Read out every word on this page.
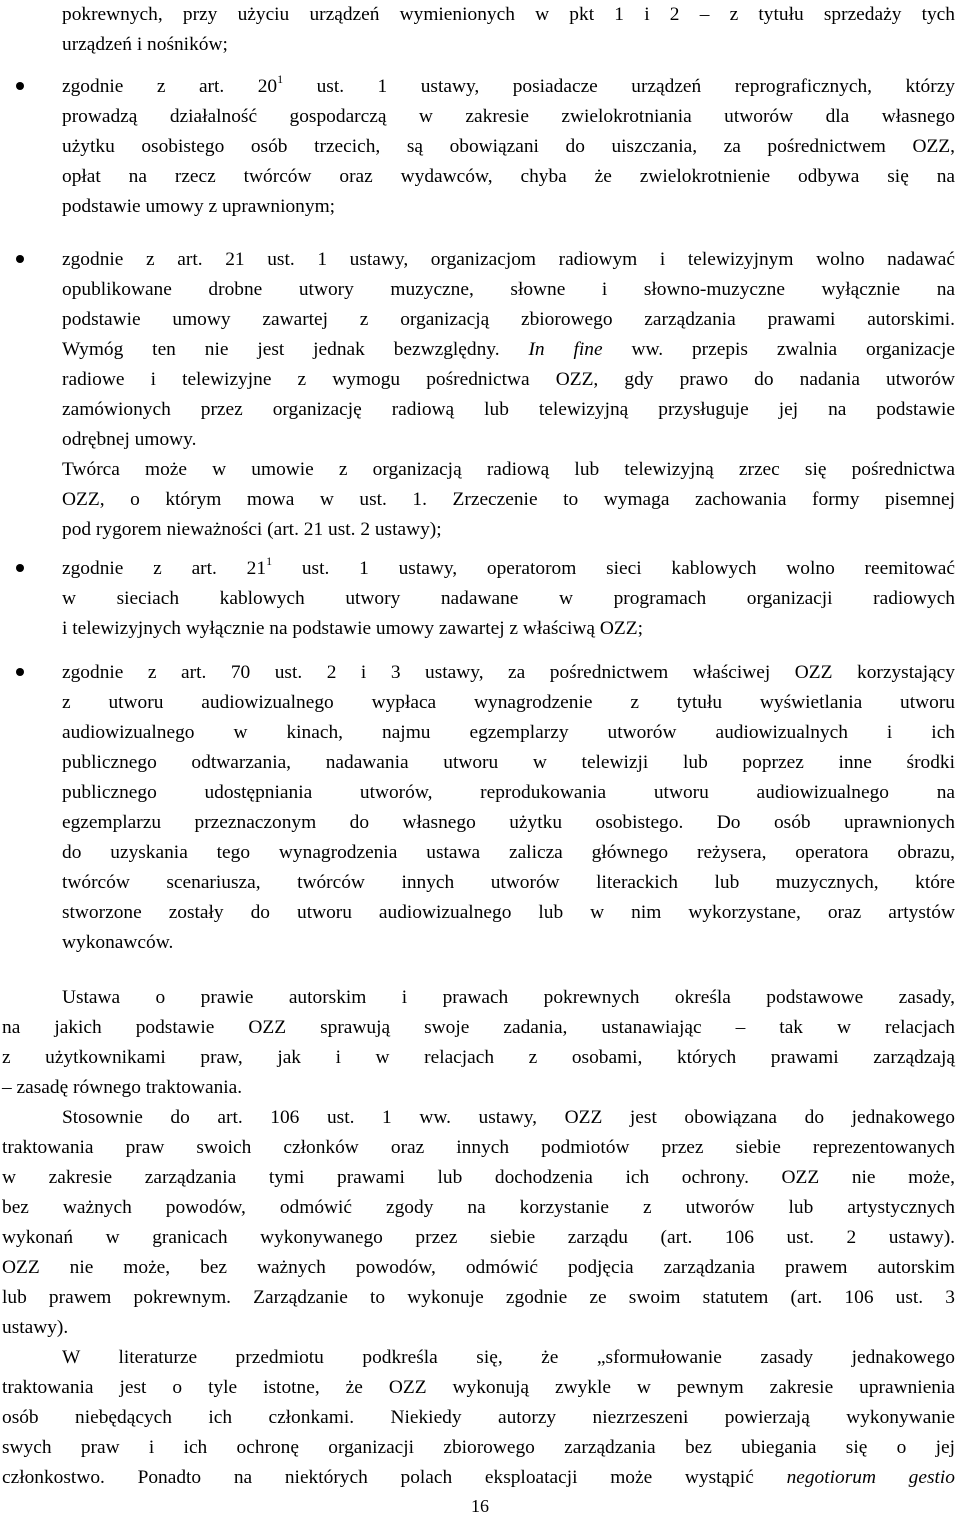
pokrewnych, przy użyciu urządzeń wymienionych w pkt 1 i 2 – z tytułu sprzedaży tych
urządzeń i nośników;
zgodnie z art. $20^1$ ust. 1 ustawy, posiadacze urządzeń reprograficznych, którzy
prowadzą działalność gospodarczą w zakresie zwielokrotniania utworów dla własnego
użytku osobistego osób trzecich, są obowiązani do uiszczania, za pośrednictwem OZZ,
opłat na rzecz twórców oraz wydawców, chyba że zwielokrotnienie odbywa się na
podstawie umowy z uprawnionym;
zgodnie z art. 21 ust. 1 ustawy, organizacjom radiowym i telewizyjnym wolno nadawać
opublikowane drobne utwory muzyczne, słowne i słowno-muzyczne wyłącznie na
podstawie umowy zawartej z organizacją zbiorowego zarządzania prawami autorskimi.
Wymóg ten nie jest jednak bezwzględny. In fine ww. przepis zwalnia organizacje
radiowe i telewizyjne z wymogu pośrednictwa OZZ, gdy prawo do nadania utworów
zamówionych przez organizację radiową lub telewizyjną przysługuje jej na podstawie
odrębnej umowy.
Twórca może w umowie z organizacją radiową lub telewizyjną zrzec się pośrednictwa
OZZ, o którym mowa w ust. 1. Zrzeczenie to wymaga zachowania formy pisemnej
pod rygorem nieważności (art. 21 ust. 2 ustawy);
zgodnie z art. $21^1$ ust. 1 ustawy, operatorom sieci kablowych wolno reemitować
w sieciach kablowych utwory nadawane w programach organizacji radiowych
i telewizyjnych wyłącznie na podstawie umowy zawartej z właściwą OZZ;
zgodnie z art. 70 ust. 2 i 3 ustawy, za pośrednictwem właściwej OZZ korzystający
z utworu audiowizualnego wypłaca wynagrodzenie z tytułu wyświetlania utworu
audiowizualnego w kinach, najmu egzemplarzy utworów audiowizualnych i ich
publicznego odtwarzania, nadawania utworu w telewizji lub poprzez inne środki
publicznego udostępniania utworów, reprodukowania utworu audiowizualnego na
egzemplarzu przeznaczonym do własnego użytku osobistego. Do osób uprawnionych
do uzyskania tego wynagrodzenia ustawa zalicza głównego reżysera, operatora obrazu,
twórców scenariusza, twórców innych utworów literackich lub muzycznych, które
stworzone zostały do utworu audiowizualnego lub w nim wykorzystane, oraz artystów
wykonawców.
Ustawa o prawie autorskim i prawach pokrewnych określa podstawowe zasady,
na jakich podstawie OZZ sprawują swoje zadania, ustanawiając – tak w relacjach
z użytkownikami praw, jak i w relacjach z osobami, których prawami zarządzają
– zasadę równego traktowania.
Stosownie do art. 106 ust. 1 ww. ustawy, OZZ jest obowiązana do jednakowego
traktowania praw swoich członków oraz innych podmiotów przez siebie reprezentowanych
w zakresie zarządzania tymi prawami lub dochodzenia ich ochrony. OZZ nie może,
bez ważnych powodów, odmówić zgody na korzystanie z utworów lub artystycznych
wykonań w granicach wykonywanego przez siebie zarządu (art. 106 ust. 2 ustawy).
OZZ nie może, bez ważnych powodów, odmówić podjęcia zarządzania prawem autorskim
lub prawem pokrewnym. Zarządzanie to wykonuje zgodnie ze swoim statutem (art. 106 ust. 3
ustawy).
W literaturze przedmiotu podkreśla się, że „sformułowanie zasady jednakowego
traktowania jest o tyle istotne, że OZZ wykonują zwykle w pewnym zakresie uprawnienia
osób niebędących ich członkami. Niekiedy autorzy niezrzeszeni powierzają wykonywanie
swych praw i ich ochronę organizacji zbiorowego zarządzania bez ubiegania się o jej
członkostwo. Ponadto na niektórych polach eksploatacji może wystąpić negotiorum gestio
16
